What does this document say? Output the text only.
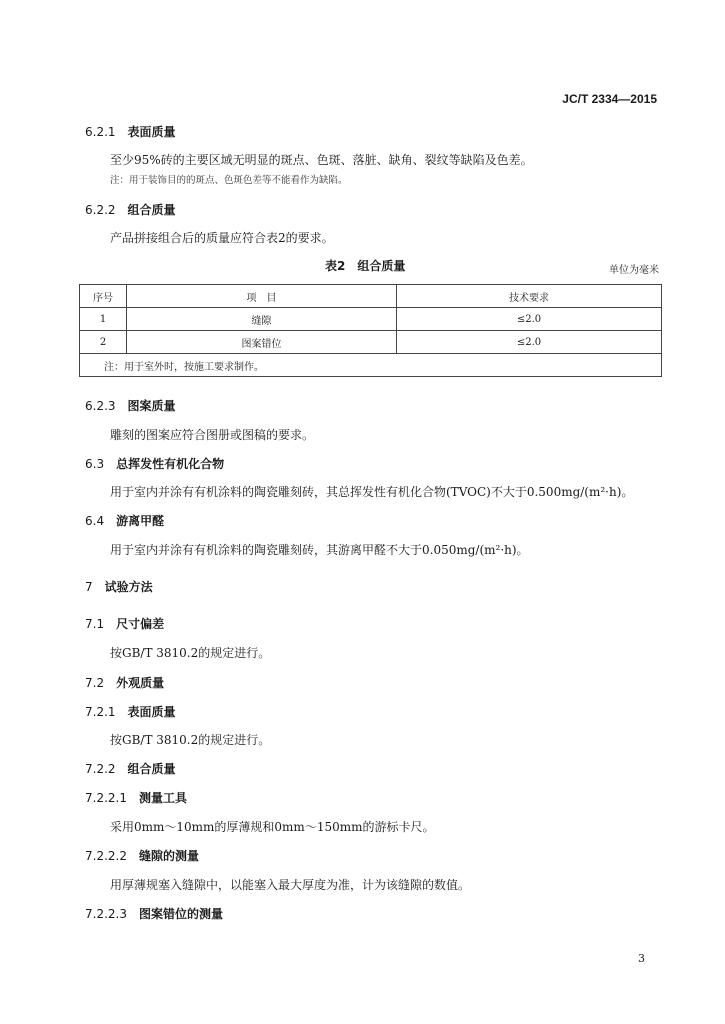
JC/T 2334—2015
6.2.1 表面质量
至少95%砖的主要区域无明显的斑点、色斑、落脏、缺角、裂纹等缺陷及色差。
注：用于装饰目的的斑点、色斑色差等不能看作为缺陷。
6.2.2 组合质量
产品拼接组合后的质量应符合表2的要求。
表2　组合质量	单位为毫米
序号	项　目	技术要求
1	缝隙	≤2.0
2	图案错位	≤2.0
注：用于室外时，按施工要求制作。		
6.2.3 图案质量
雕刻的图案应符合图册或图稿的要求。
6.3 总挥发性有机化合物
用于室内并涂有有机涂料的陶瓷雕刻砖，其总挥发性有机化合物(TVOC)不大于0.500mg/(m²·h)。
6.4 游离甲醛
用于室内并涂有有机涂料的陶瓷雕刻砖，其游离甲醛不大于0.050mg/(m²·h)。
7 试验方法
7.1 尺寸偏差
按GB/T 3810.2的规定进行。
7.2 外观质量
7.2.1 表面质量
按GB/T 3810.2的规定进行。
7.2.2 组合质量
7.2.2.1 测量工具
采用0mm～10mm的厚薄规和0mm～150mm的游标卡尺。
7.2.2.2 缝隙的测量
用厚薄规塞入缝隙中，以能塞入最大厚度为准，计为该缝隙的数值。
7.2.2.3 图案错位的测量
3
